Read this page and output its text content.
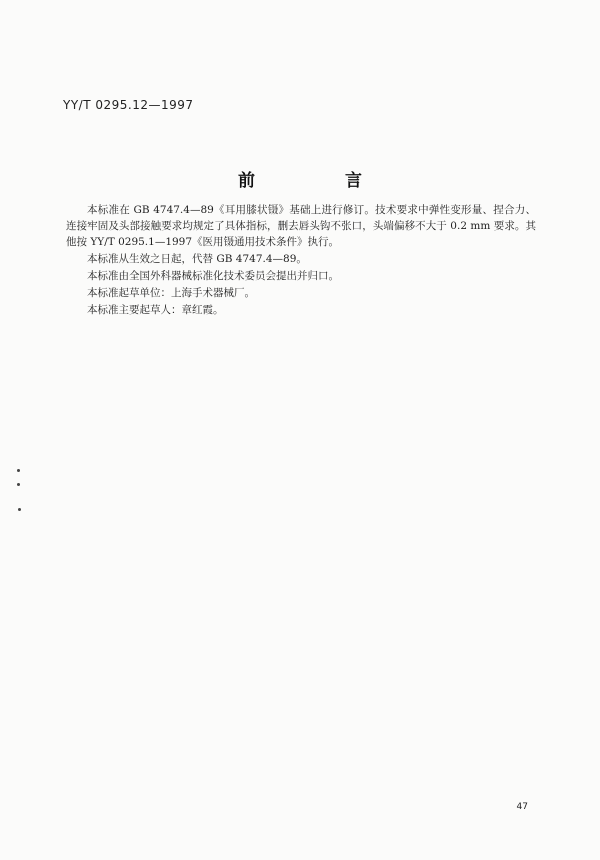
YY/T 0295.12—1997
前 言

本标准在 GB 4747.4—89《耳用膝状镊》基础上进行修订。技术要求中弹性变形量、捏合力、连接牢固及头部接触要求均规定了具体指标，删去唇头钩不张口，头端偏移不大于 0.2 mm 要求。其他按 YY/T 0295.1—1997《医用镊通用技术条件》执行。

本标准从生效之日起，代替 GB 4747.4—89。

本标准由全国外科器械标准化技术委员会提出并归口。

本标准起草单位：上海手术器械厂。

本标准主要起草人：章红霞。

47
